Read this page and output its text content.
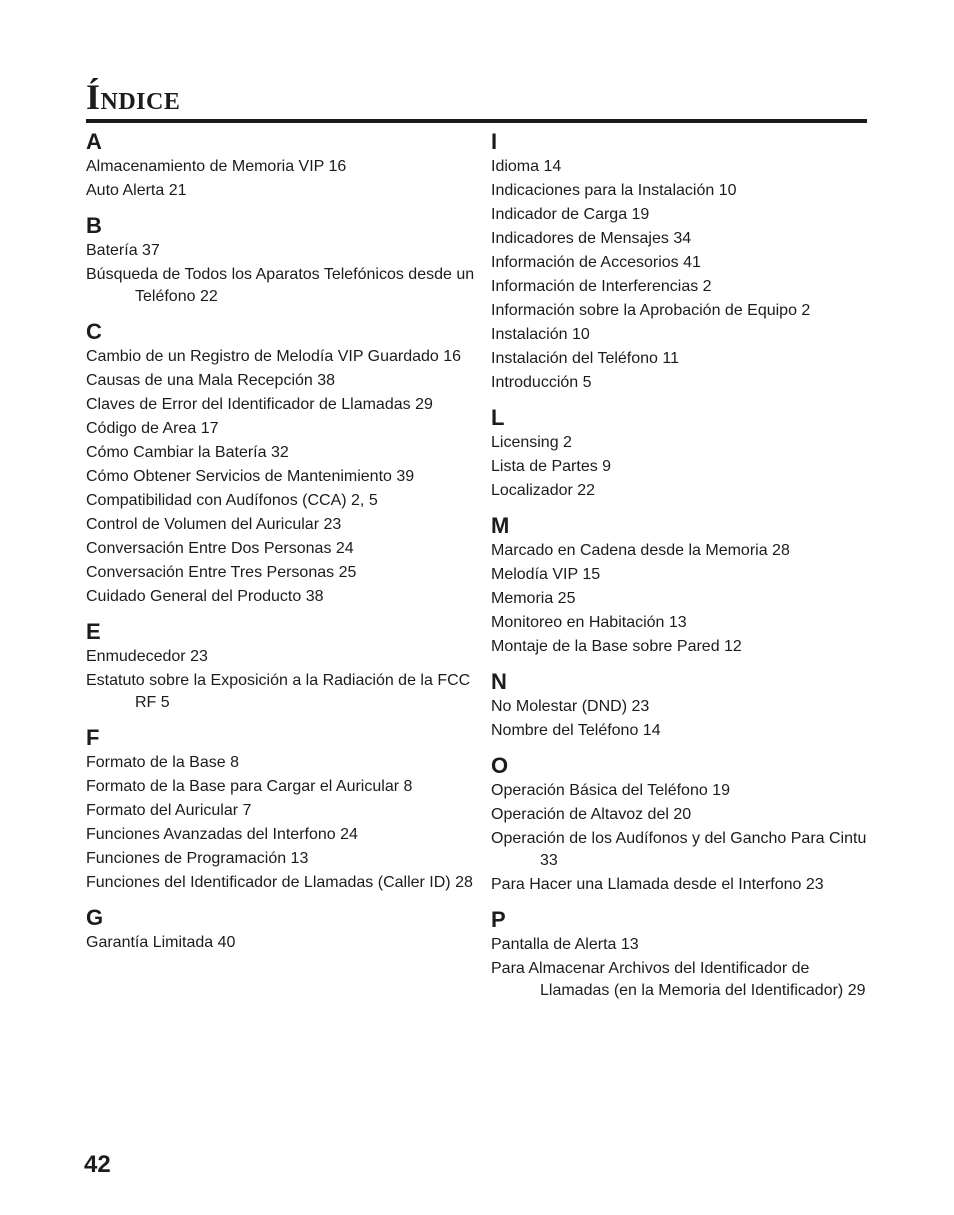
ÍNDICE
A
Almacenamiento de Memoria VIP 16
Auto Alerta 21
B
Batería 37
Búsqueda de Todos los Aparatos Telefónicos desde un Teléfono 22
C
Cambio de un Registro de Melodía VIP Guardado 16
Causas de una Mala Recepción 38
Claves de Error del Identificador de Llamadas 29
Código de Area 17
Cómo Cambiar la Batería 32
Cómo Obtener Servicios de Mantenimiento 39
Compatibilidad con Audífonos (CCA) 2, 5
Control de Volumen del Auricular 23
Conversación Entre Dos Personas 24
Conversación Entre Tres Personas 25
Cuidado General del Producto 38
E
Enmudecedor 23
Estatuto sobre la Exposición a la Radiación de la FCC RF 5
F
Formato de la Base 8
Formato de la Base para Cargar el Auricular 8
Formato del Auricular 7
Funciones Avanzadas del Interfono 24
Funciones de Programación 13
Funciones del Identificador de Llamadas (Caller ID) 28
G
Garantía Limitada 40
I
Idioma 14
Indicaciones para la Instalación 10
Indicador de Carga 19
Indicadores de Mensajes 34
Información de Accesorios 41
Información de Interferencias 2
Información sobre la Aprobación de Equipo 2
Instalación 10
Instalación del Teléfono 11
Introducción 5
L
Licensing 2
Lista de Partes 9
Localizador 22
M
Marcado en Cadena desde la Memoria 28
Melodía VIP 15
Memoria 25
Monitoreo en Habitación 13
Montaje de la Base sobre Pared 12
N
No Molestar (DND) 23
Nombre del Teléfono 14
O
Operación Básica del Teléfono 19
Operación de Altavoz del 20
Operación de los Audífonos y del Gancho Para Cintu 33
Para Hacer una Llamada desde el Interfono 23
P
Pantalla de Alerta 13
Para Almacenar Archivos del Identificador de Llamadas (en la Memoria del Identificador) 29
42
